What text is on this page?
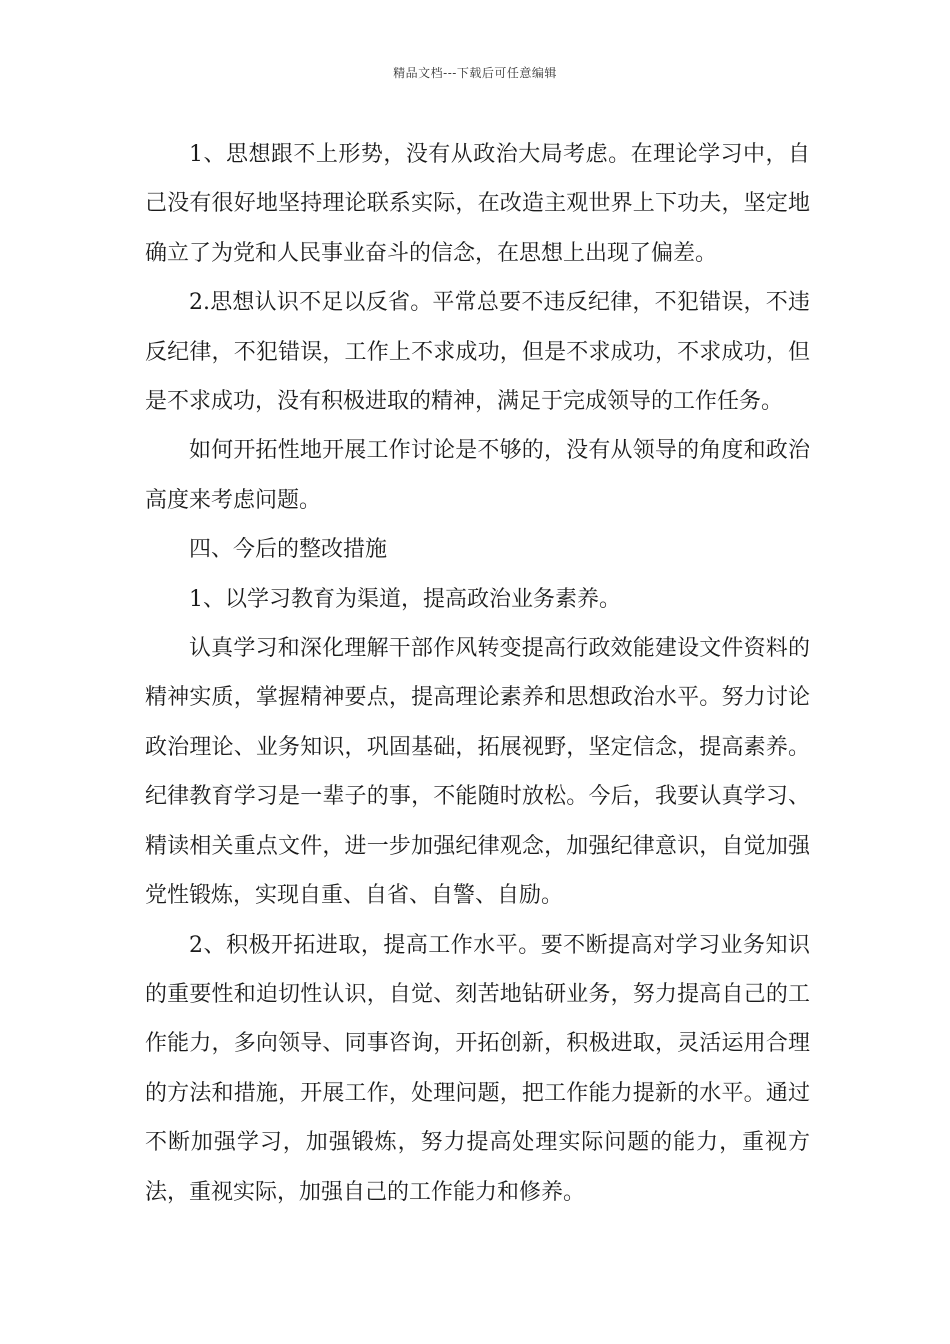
精品文档---下载后可任意编辑

1、思想跟不上形势，没有从政治大局考虑。在理论学习中，自己没有很好地坚持理论联系实际，在改造主观世界上下功夫，坚定地确立了为党和人民事业奋斗的信念，在思想上出现了偏差。

2.思想认识不足以反省。平常总要不违反纪律，不犯错误，不违反纪律，不犯错误，工作上不求成功，但是不求成功，不求成功，但是不求成功，没有积极进取的精神，满足于完成领导的工作任务。

如何开拓性地开展工作讨论是不够的，没有从领导的角度和政治高度来考虑问题。

四、今后的整改措施

1、以学习教育为渠道，提高政治业务素养。

认真学习和深化理解干部作风转变提高行政效能建设文件资料的精神实质，掌握精神要点，提高理论素养和思想政治水平。努力讨论政治理论、业务知识，巩固基础，拓展视野，坚定信念，提高素养。纪律教育学习是一辈子的事，不能随时放松。今后，我要认真学习、精读相关重点文件，进一步加强纪律观念，加强纪律意识，自觉加强党性锻炼，实现自重、自省、自警、自励。

2、积极开拓进取，提高工作水平。要不断提高对学习业务知识的重要性和迫切性认识，自觉、刻苦地钻研业务，努力提高自己的工作能力，多向领导、同事咨询，开拓创新，积极进取，灵活运用合理的方法和措施，开展工作，处理问题，把工作能力提新的水平。通过不断加强学习，加强锻炼，努力提高处理实际问题的能力，重视方法，重视实际，加强自己的工作能力和修养。
